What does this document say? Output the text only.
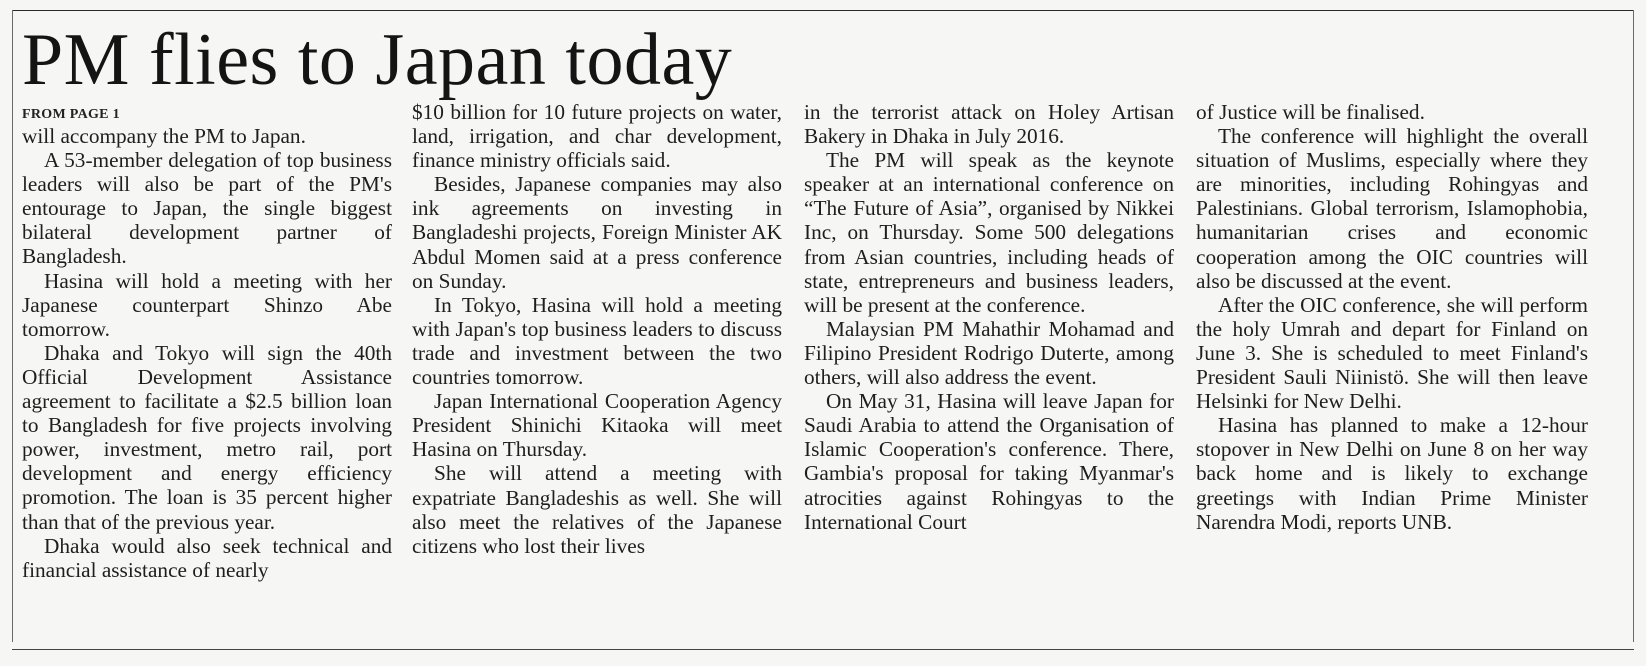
PM flies to Japan today
FROM PAGE 1

will accompany the PM to Japan.

A 53-member delegation of top business leaders will also be part of the PM's entourage to Japan, the single biggest bilateral development partner of Bangladesh.

Hasina will hold a meeting with her Japanese counterpart Shinzo Abe tomorrow.

Dhaka and Tokyo will sign the 40th Official Development Assistance agreement to facilitate a $2.5 billion loan to Bangladesh for five projects involving power, investment, metro rail, port development and energy efficiency promotion. The loan is 35 percent higher than that of the previous year.

Dhaka would also seek technical and financial assistance of nearly

$10 billion for 10 future projects on water, land, irrigation, and char development, finance ministry officials said.

Besides, Japanese companies may also ink agreements on investing in Bangladeshi projects, Foreign Minister AK Abdul Momen said at a press conference on Sunday.

In Tokyo, Hasina will hold a meeting with Japan's top business leaders to discuss trade and investment between the two countries tomorrow.

Japan International Cooperation Agency President Shinichi Kitaoka will meet Hasina on Thursday.

She will attend a meeting with expatriate Bangladeshis as well. She will also meet the relatives of the Japanese citizens who lost their lives

in the terrorist attack on Holey Artisan Bakery in Dhaka in July 2016.

The PM will speak as the keynote speaker at an international conference on “The Future of Asia”, organised by Nikkei Inc, on Thursday. Some 500 delegations from Asian countries, including heads of state, entrepreneurs and business leaders, will be present at the conference.

Malaysian PM Mahathir Mohamad and Filipino President Rodrigo Duterte, among others, will also address the event.

On May 31, Hasina will leave Japan for Saudi Arabia to attend the Organisation of Islamic Cooperation's conference. There, Gambia's proposal for taking Myanmar's atrocities against Rohingyas to the International Court

of Justice will be finalised.

The conference will highlight the overall situation of Muslims, especially where they are minorities, including Rohingyas and Palestinians. Global terrorism, Islamophobia, humanitarian crises and economic cooperation among the OIC countries will also be discussed at the event.

After the OIC conference, she will perform the holy Umrah and depart for Finland on June 3. She is scheduled to meet Finland's President Sauli Niinistö. She will then leave Helsinki for New Delhi.

Hasina has planned to make a 12-hour stopover in New Delhi on June 8 on her way back home and is likely to exchange greetings with Indian Prime Minister Narendra Modi, reports UNB.
